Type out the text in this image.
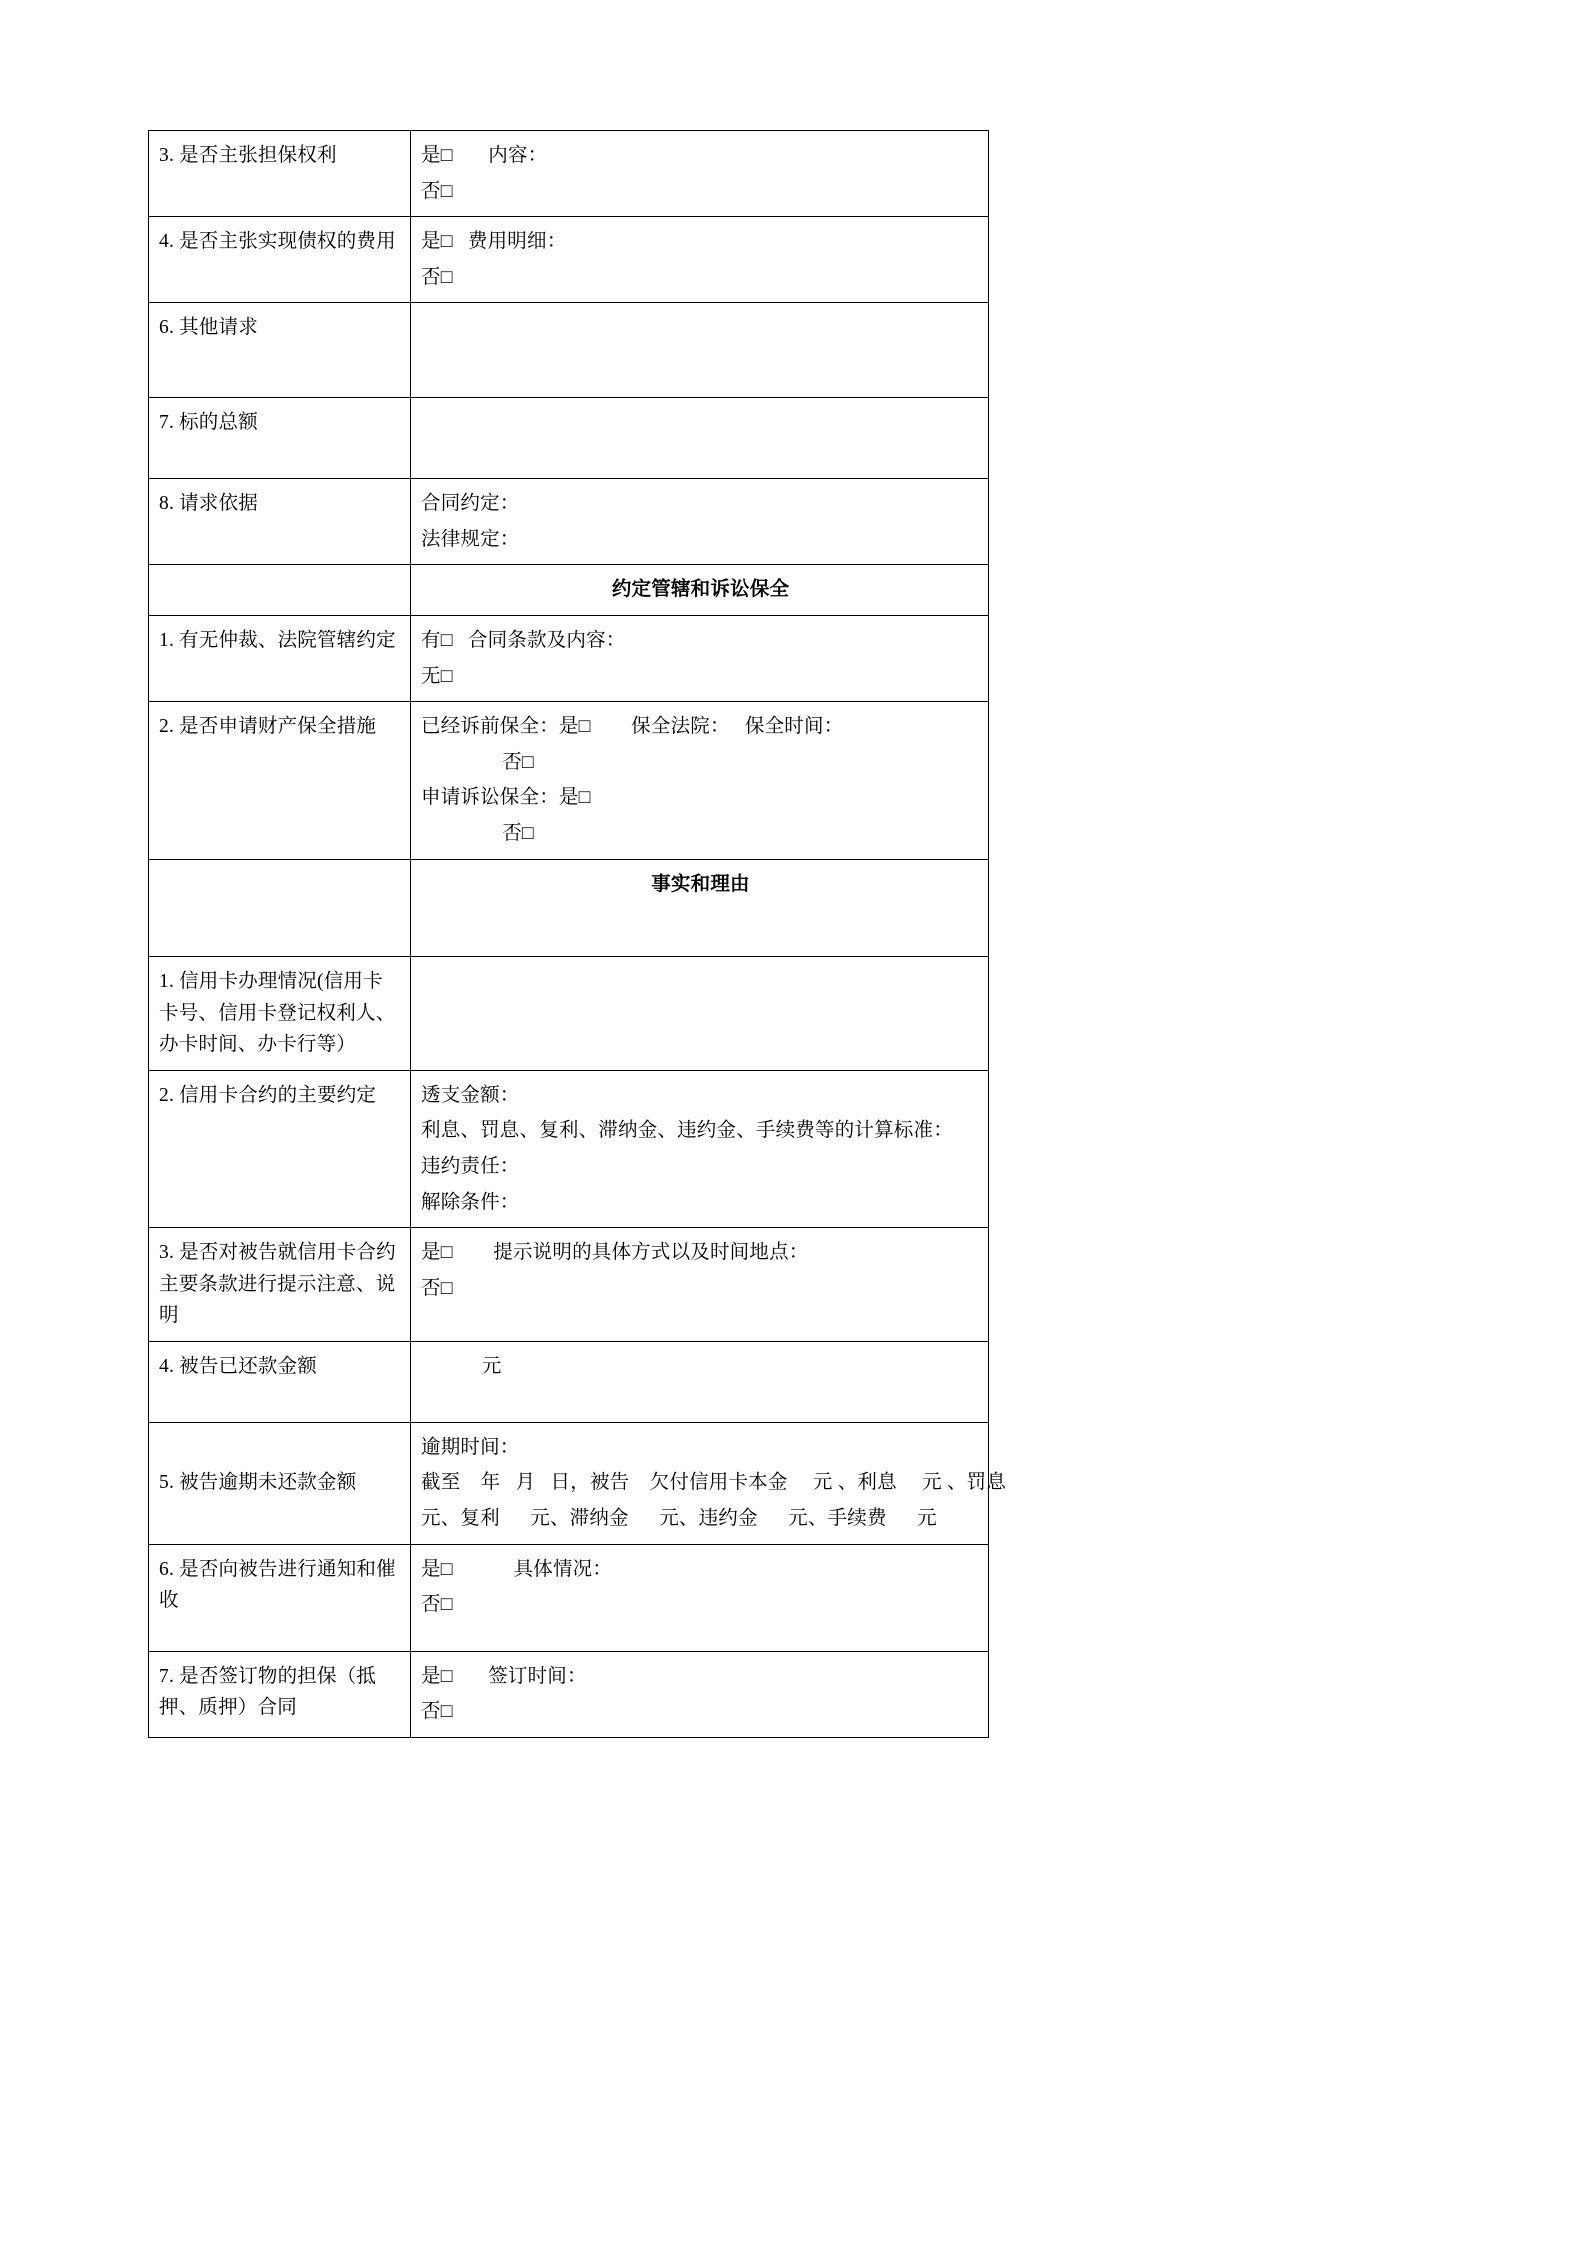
3. 是否主张担保权利	是□       内容：
否□

4. 是否主张实现债权的费用	是□   费用明细：
否□

6. 其他请求	

7. 标的总额	

8. 请求依据	合同约定：
法律规定：

	约定管辖和诉讼保全

1. 有无仲裁、法院管辖约定	有□   合同条款及内容：
无□

2. 是否申请财产保全措施	已经诉前保全：是□        保全法院：   保全时间：
否□
申请诉讼保全：是□
否□

	事实和理由

1. 信用卡办理情况(信用卡卡号、信用卡登记权利人、办卡时间、办卡行等）	

2. 信用卡合约的主要约定	透支金额：
利息、罚息、复利、滞纳金、违约金、手续费等的计算标准：
违约责任：
解除条件：

3. 是否对被告就信用卡合约主要条款进行提示注意、说明	是□        提示说明的具体方式以及时间地点：
否□

4. 被告已还款金额	元

5. 被告逾期未还款金额	逾期时间：
截至    年   月   日，被告    欠付信用卡本金     元 、利息     元 、罚息
元、复利      元、滞纳金      元、违约金      元、手续费      元

6. 是否向被告进行通知和催收	是□            具体情况：
否□

7. 是否签订物的担保（抵押、质押）合同	是□       签订时间：
否□
